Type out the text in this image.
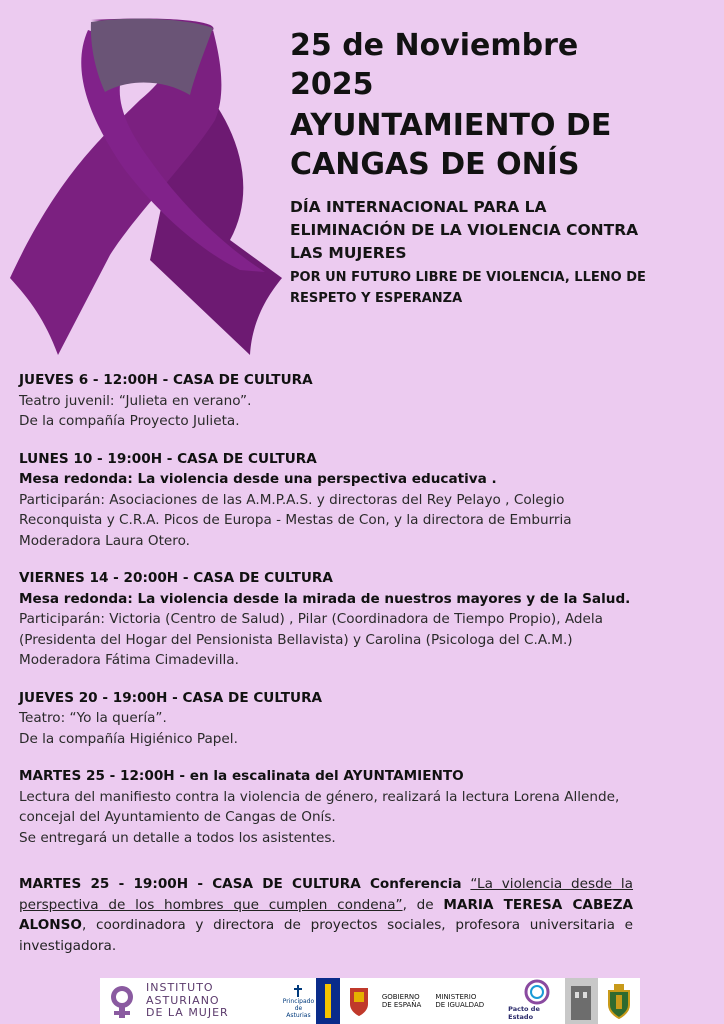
25 de Noviembre
2025
AYUNTAMIENTO DE
CANGAS DE ONÍS
DÍA INTERNACIONAL PARA LA
ELIMINACIÓN DE LA VIOLENCIA CONTRA
LAS MUJERES
POR UN FUTURO LIBRE DE VIOLENCIA, LLENO DE
RESPETO Y ESPERANZA
JUEVES 6 - 12:00H - CASA DE CULTURA
Teatro juvenil: “Julieta en verano”.
De la compañía Proyecto Julieta.
LUNES 10 - 19:00H - CASA DE CULTURA
Mesa redonda: La violencia desde una perspectiva educativa .
Participarán: Asociaciones de las A.M.P.A.S. y directoras del Rey Pelayo , Colegio
Reconquista y C.R.A. Picos de Europa - Mestas de Con, y la directora de Emburria
Moderadora Laura Otero.
VIERNES 14 - 20:00H - CASA DE CULTURA
Mesa redonda: La violencia desde la mirada de nuestros mayores y de la Salud.
Participarán: Victoria (Centro de Salud) , Pilar (Coordinadora de Tiempo Propio), Adela
(Presidenta del Hogar del Pensionista Bellavista) y Carolina (Psicologa del C.A.M.)
Moderadora Fátima Cimadevilla.
JUEVES 20 - 19:00H - CASA DE CULTURA
Teatro: “Yo la quería”.
De la compañía Higiénico Papel.
MARTES 25 - 12:00H - en la escalinata del AYUNTAMIENTO
Lectura del manifiesto contra la violencia de género, realizará la lectura Lorena Allende,
concejal del Ayuntamiento de Cangas de Onís.
Se entregará un detalle a todos los asistentes.
MARTES 25 - 19:00H - CASA DE CULTURA Conferencia “La violencia desde la perspectiva de los hombres que cumplen condena”, de MARIA TERESA CABEZA ALONSO, coordinadora y directora de proyectos sociales, profesora universitaria e investigadora.
INSTITUTO
ASTURIANO
DE LA MUJER
Principado de
Asturias
GOBIERNO
DE ESPAÑA
MINISTERIO
DE IGUALDAD	Pacto de Estado
